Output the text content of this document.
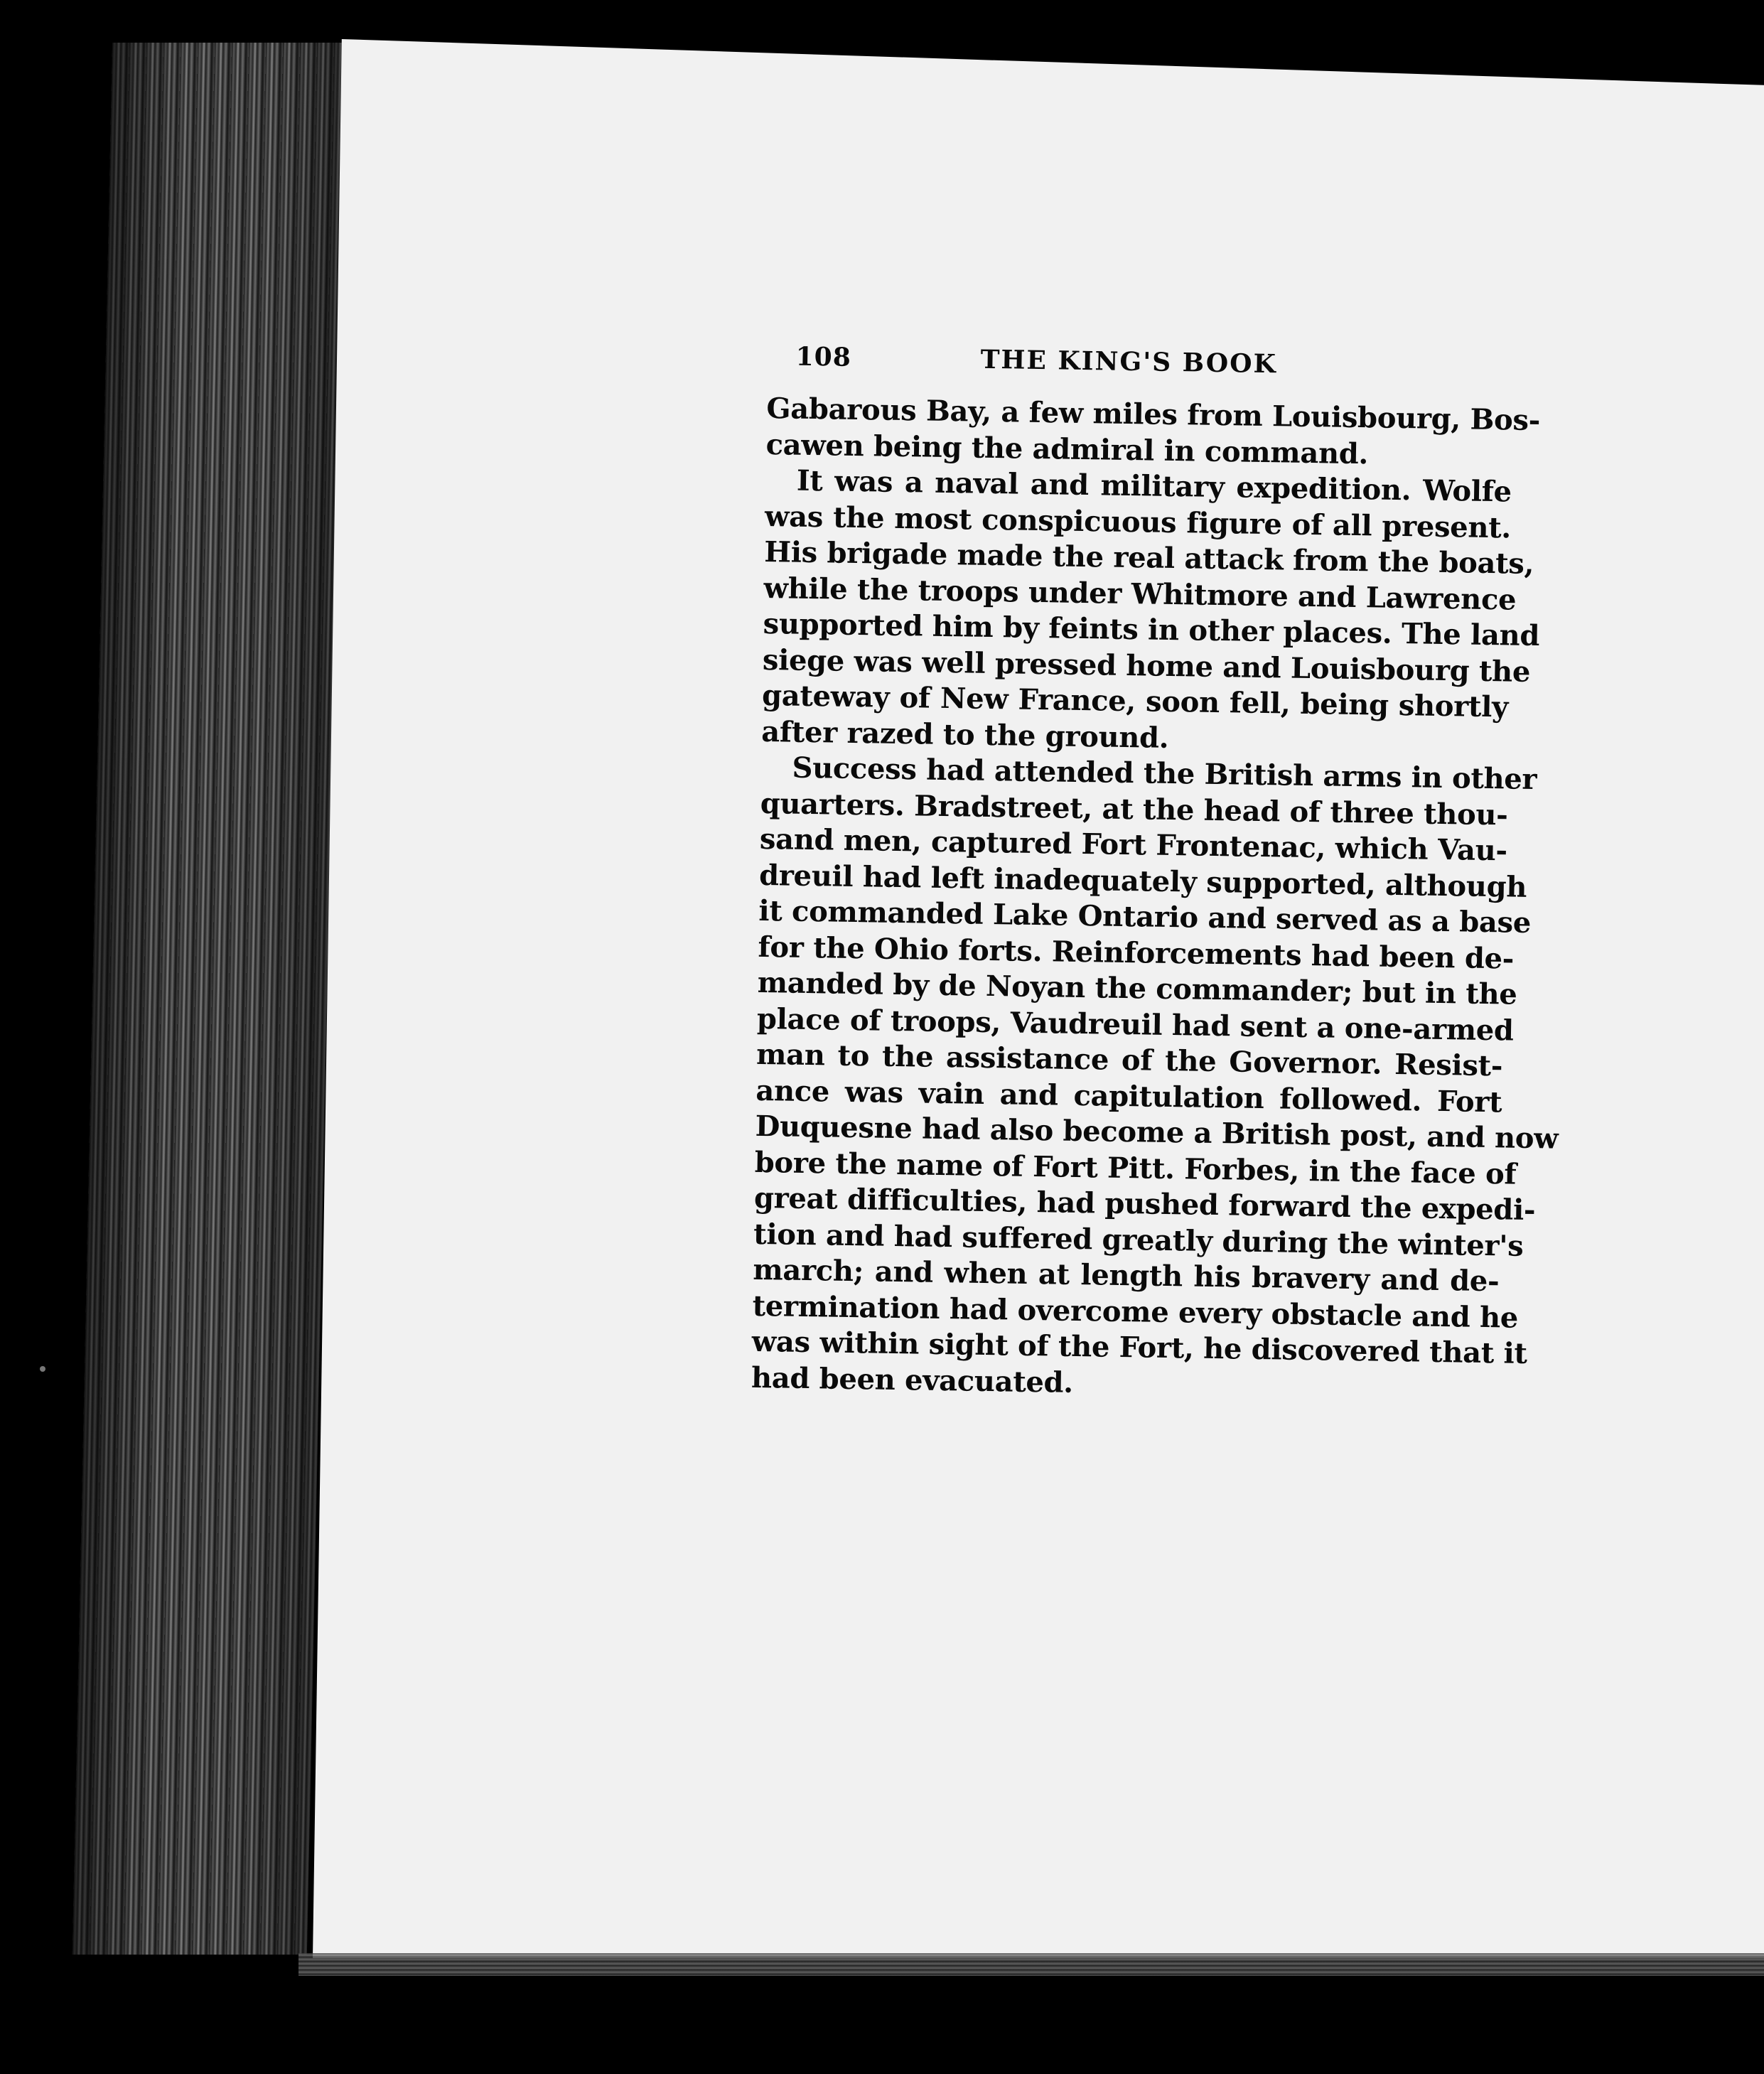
108	THE KING'S BOOK
Gabarous Bay, a few miles from Louisbourg, Bos-
cawen being the admiral in command.
It was a naval and military expedition. Wolfe
was the most conspicuous figure of all present.
His brigade made the real attack from the boats,
while the troops under Whitmore and Lawrence
supported him by feints in other places. The land
siege was well pressed home and Louisbourg the
gateway of New France, soon fell, being shortly
after razed to the ground.
Success had attended the British arms in other
quarters. Bradstreet, at the head of three thou-
sand men, captured Fort Frontenac, which Vau-
dreuil had left inadequately supported, although
it commanded Lake Ontario and served as a base
for the Ohio forts. Reinforcements had been de-
manded by de Noyan the commander; but in the
place of troops, Vaudreuil had sent a one-armed
man to the assistance of the Governor. Resist-
ance was vain and capitulation followed. Fort
Duquesne had also become a British post, and now
bore the name of Fort Pitt. Forbes, in the face of
great difficulties, had pushed forward the expedi-
tion and had suffered greatly during the winter's
march; and when at length his bravery and de-
termination had overcome every obstacle and he
was within sight of the Fort, he discovered that it
had been evacuated.
